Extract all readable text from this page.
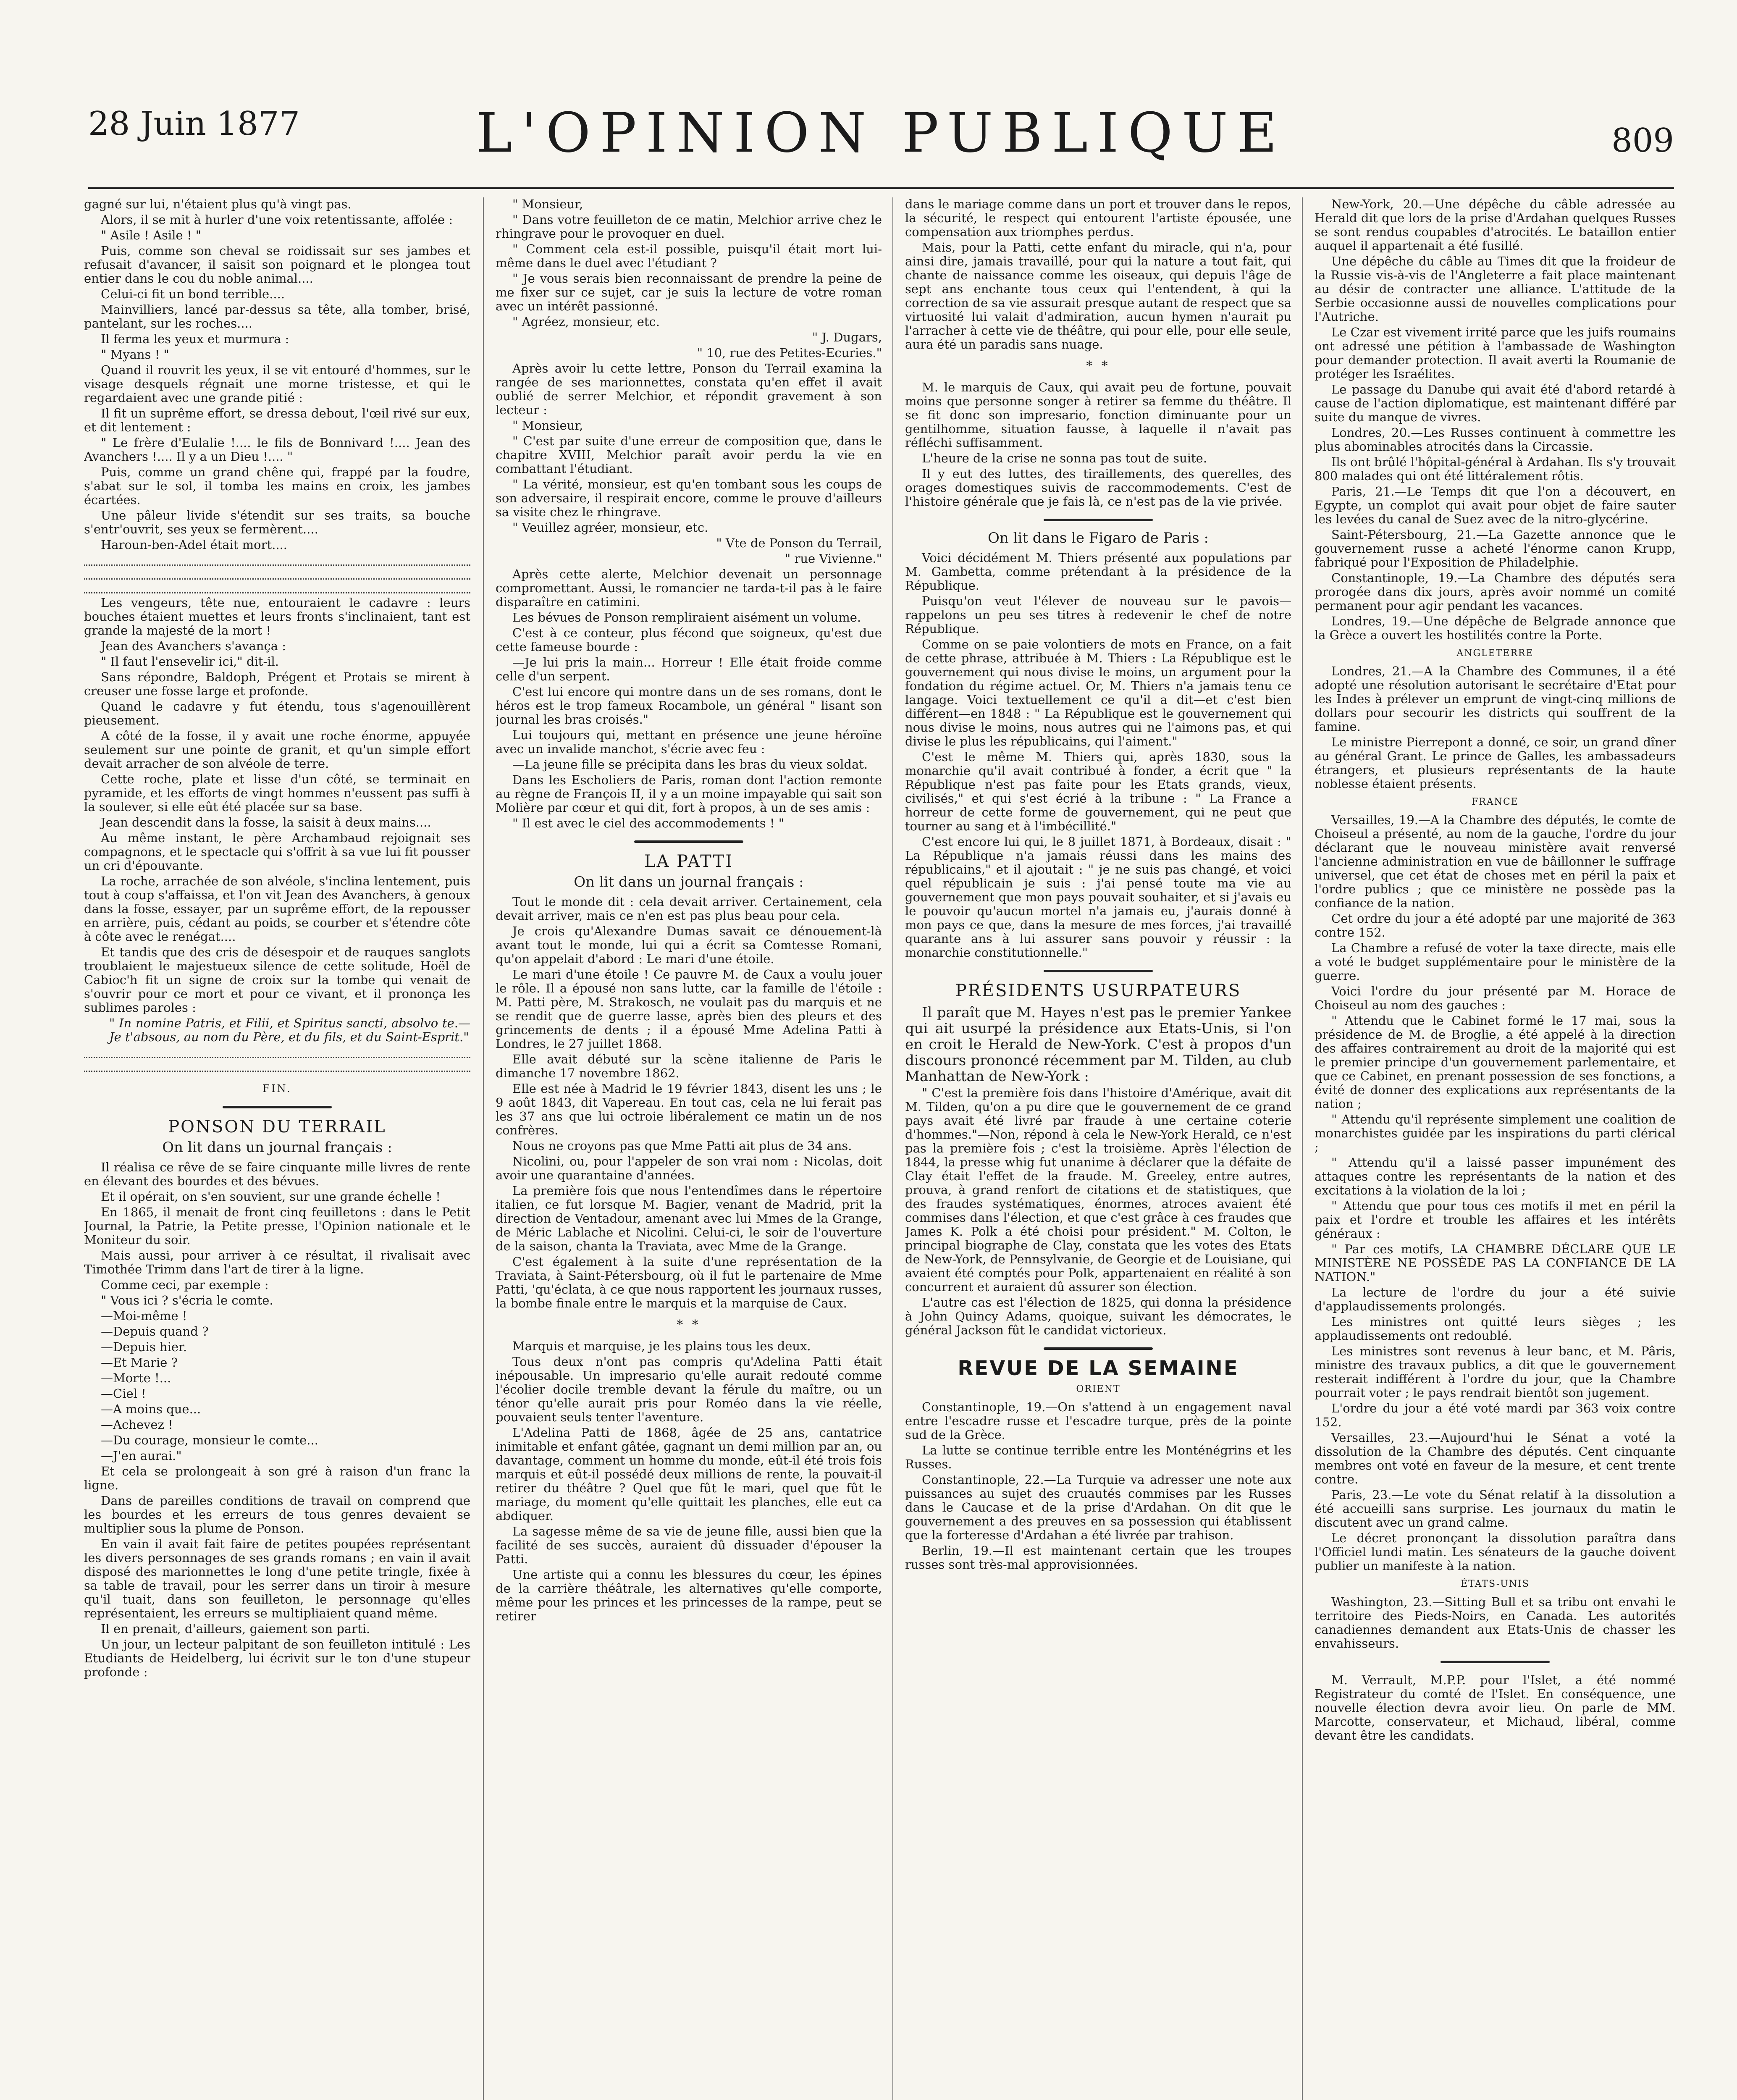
28 Juin 1877	L'OPINION PUBLIQUE	809

gagné sur lui, n'étaient plus qu'à vingt pas.

Alors, il se mit à hurler d'une voix retentissante, affolée :

" Asile ! Asile ! "

Puis, comme son cheval se roidissait sur ses jambes et refusait d'avancer, il saisit son poignard et le plongea tout entier dans le cou du noble animal....

Celui-ci fit un bond terrible....

Mainvilliers, lancé par-dessus sa tête, alla tomber, brisé, pantelant, sur les roches....

Il ferma les yeux et murmura :

" Myans ! "

Quand il rouvrit les yeux, il se vit entouré d'hommes, sur le visage desquels régnait une morne tristesse, et qui le regardaient avec une grande pitié :

Il fit un suprême effort, se dressa debout, l'œil rivé sur eux, et dit lentement :

" Le frère d'Eulalie !.... le fils de Bonnivard !.... Jean des Avanchers !.... Il y a un Dieu !.... "

Puis, comme un grand chêne qui, frappé par la foudre, s'abat sur le sol, il tomba les mains en croix, les jambes écartées.

Une pâleur livide s'étendit sur ses traits, sa bouche s'entr'ouvrit, ses yeux se fermèrent....

Haroun-ben-Adel était mort....

Les vengeurs, tête nue, entouraient le cadavre : leurs bouches étaient muettes et leurs fronts s'inclinaient, tant est grande la majesté de la mort !

Jean des Avanchers s'avança :

" Il faut l'ensevelir ici," dit-il.

Sans répondre, Baldoph, Prégent et Protais se mirent à creuser une fosse large et profonde.

Quand le cadavre y fut étendu, tous s'agenouillèrent pieusement.

A côté de la fosse, il y avait une roche énorme, appuyée seulement sur une pointe de granit, et qu'un simple effort devait arracher de son alvéole de terre.

Cette roche, plate et lisse d'un côté, se terminait en pyramide, et les efforts de vingt hommes n'eussent pas suffi à la soulever, si elle eût été placée sur sa base.

Jean descendit dans la fosse, la saisit à deux mains....

Au même instant, le père Archambaud rejoignait ses compagnons, et le spectacle qui s'offrit à sa vue lui fit pousser un cri d'épouvante.

La roche, arrachée de son alvéole, s'inclina lentement, puis tout à coup s'affaissa, et l'on vit Jean des Avanchers, à genoux dans la fosse, essayer, par un suprême effort, de la repousser en arrière, puis, cédant au poids, se courber et s'étendre côte à côte avec le renégat....

Et tandis que des cris de désespoir et de rauques sanglots troublaient le majestueux silence de cette solitude, Hoël de Cabioc'h fit un signe de croix sur la tombe qui venait de s'ouvrir pour ce mort et pour ce vivant, et il prononça les sublimes paroles :

" In nomine Patris, et Filii, et Spiritus sancti, absolvo te.—Je t'absous, au nom du Père, et du fils, et du Saint-Esprit."

FIN.
PONSON DU TERRAIL
On lit dans un journal français :

Il réalisa ce rêve de se faire cinquante mille livres de rente en élevant des bourdes et des bévues.

Et il opérait, on s'en souvient, sur une grande échelle !

En 1865, il menait de front cinq feuilletons : dans le Petit Journal, la Patrie, la Petite presse, l'Opinion nationale et le Moniteur du soir.

Mais aussi, pour arriver à ce résultat, il rivalisait avec Timothée Trimm dans l'art de tirer à la ligne.

Comme ceci, par exemple :

" Vous ici ? s'écria le comte.

—Moi-même !

—Depuis quand ?

—Depuis hier.

—Et Marie ?

—Morte !...

—Ciel !

—A moins que...

—Achevez !

—Du courage, monsieur le comte...

—J'en aurai."

Et cela se prolongeait à son gré à raison d'un franc la ligne.

Dans de pareilles conditions de travail on comprend que les bourdes et les erreurs de tous genres devaient se multiplier sous la plume de Ponson.

En vain il avait fait faire de petites poupées représentant les divers personnages de ses grands romans ; en vain il avait disposé des marionnettes le long d'une petite tringle, fixée à sa table de travail, pour les serrer dans un tiroir à mesure qu'il tuait, dans son feuilleton, le personnage qu'elles représentaient, les erreurs se multipliaient quand même.

Il en prenait, d'ailleurs, gaiement son parti.

Un jour, un lecteur palpitant de son feuilleton intitulé : Les Etudiants de Heidelberg, lui écrivit sur le ton d'une stupeur profonde :

" Monsieur,

" Dans votre feuilleton de ce matin, Melchior arrive chez le rhingrave pour le provoquer en duel.

" Comment cela est-il possible, puisqu'il était mort lui-même dans le duel avec l'étudiant ?

" Je vous serais bien reconnaissant de prendre la peine de me fixer sur ce sujet, car je suis la lecture de votre roman avec un intérêt passionné.

" Agréez, monsieur, etc.

" J. Dugars,

" 10, rue des Petites-Ecuries."

Après avoir lu cette lettre, Ponson du Terrail examina la rangée de ses marionnettes, constata qu'en effet il avait oublié de serrer Melchior, et répondit gravement à son lecteur :

" Monsieur,

" C'est par suite d'une erreur de composition que, dans le chapitre XVIII, Melchior paraît avoir perdu la vie en combattant l'étudiant.

" La vérité, monsieur, est qu'en tombant sous les coups de son adversaire, il respirait encore, comme le prouve d'ailleurs sa visite chez le rhingrave.

" Veuillez agréer, monsieur, etc.

" Vte de Ponson du Terrail,

" rue Vivienne."

Après cette alerte, Melchior devenait un personnage compromettant. Aussi, le romancier ne tarda-t-il pas à le faire disparaître en catimini.

Les bévues de Ponson rempliraient aisément un volume.

C'est à ce conteur, plus fécond que soigneux, qu'est due cette fameuse bourde :

—Je lui pris la main... Horreur ! Elle était froide comme celle d'un serpent.

C'est lui encore qui montre dans un de ses romans, dont le héros est le trop fameux Rocambole, un général " lisant son journal les bras croisés."

Lui toujours qui, mettant en présence une jeune héroïne avec un invalide manchot, s'écrie avec feu :

—La jeune fille se précipita dans les bras du vieux soldat.

Dans les Escholiers de Paris, roman dont l'action remonte au règne de François II, il y a un moine impayable qui sait son Molière par cœur et qui dit, fort à propos, à un de ses amis :

" Il est avec le ciel des accommodements ! "

LA PATTI
On lit dans un journal français :

Tout le monde dit : cela devait arriver. Certainement, cela devait arriver, mais ce n'en est pas plus beau pour cela.

Je crois qu'Alexandre Dumas savait ce dénouement-là avant tout le monde, lui qui a écrit sa Comtesse Romani, qu'on appelait d'abord : Le mari d'une étoile.

Le mari d'une étoile ! Ce pauvre M. de Caux a voulu jouer le rôle. Il a épousé non sans lutte, car la famille de l'étoile : M. Patti père, M. Strakosch, ne voulait pas du marquis et ne se rendit que de guerre lasse, après bien des pleurs et des grincements de dents ; il a épousé Mme Adelina Patti à Londres, le 27 juillet 1868.

Elle avait débuté sur la scène italienne de Paris le dimanche 17 novembre 1862.

Elle est née à Madrid le 19 février 1843, disent les uns ; le 9 août 1843, dit Vapereau. En tout cas, cela ne lui ferait pas les 37 ans que lui octroie libéralement ce matin un de nos confrères.

Nous ne croyons pas que Mme Patti ait plus de 34 ans.

Nicolini, ou, pour l'appeler de son vrai nom : Nicolas, doit avoir une quarantaine d'années.

La première fois que nous l'entendîmes dans le répertoire italien, ce fut lorsque M. Bagier, venant de Madrid, prit la direction de Ventadour, amenant avec lui Mmes de la Grange, de Méric Lablache et Nicolini. Celui-ci, le soir de l'ouverture de la saison, chanta la Traviata, avec Mme de la Grange.

C'est également à la suite d'une représentation de la Traviata, à Saint-Pétersbourg, où il fut le partenaire de Mme Patti, 'qu'éclata, à ce que nous rapportent les journaux russes, la bombe finale entre le marquis et la marquise de Caux.

* *

Marquis et marquise, je les plains tous les deux.

Tous deux n'ont pas compris qu'Adelina Patti était inépousable. Un impresario qu'elle aurait redouté comme l'écolier docile tremble devant la férule du maître, ou un ténor qu'elle aurait pris pour Roméo dans la vie réelle, pouvaient seuls tenter l'aventure.

L'Adelina Patti de 1868, âgée de 25 ans, cantatrice inimitable et enfant gâtée, gagnant un demi million par an, ou davantage, comment un homme du monde, eût-il été trois fois marquis et eût-il possédé deux millions de rente, la pouvait-il retirer du théâtre ? Quel que fût le mari, quel que fût le mariage, du moment qu'elle quittait les planches, elle eut ca abdiquer.

La sagesse même de sa vie de jeune fille, aussi bien que la facilité de ses succès, auraient dû dissuader d'épouser la Patti.

Une artiste qui a connu les blessures du cœur, les épines de la carrière théâtrale, les alternatives qu'elle comporte, même pour les princes et les princesses de la rampe, peut se retirer

dans le mariage comme dans un port et trouver dans le repos, la sécurité, le respect qui entourent l'artiste épousée, une compensation aux triomphes perdus.

Mais, pour la Patti, cette enfant du miracle, qui n'a, pour ainsi dire, jamais travaillé, pour qui la nature a tout fait, qui chante de naissance comme les oiseaux, qui depuis l'âge de sept ans enchante tous ceux qui l'entendent, à qui la correction de sa vie assurait presque autant de respect que sa virtuosité lui valait d'admiration, aucun hymen n'aurait pu l'arracher à cette vie de théâtre, qui pour elle, pour elle seule, aura été un paradis sans nuage.

* *

M. le marquis de Caux, qui avait peu de fortune, pouvait moins que personne songer à retirer sa femme du théâtre. Il se fit donc son impresario, fonction diminuante pour un gentilhomme, situation fausse, à laquelle il n'avait pas réfléchi suffisamment.

L'heure de la crise ne sonna pas tout de suite.

Il y eut des luttes, des tiraillements, des querelles, des orages domestiques suivis de raccommodements. C'est de l'histoire générale que je fais là, ce n'est pas de la vie privée.

On lit dans le Figaro de Paris :

Voici décidément M. Thiers présenté aux populations par M. Gambetta, comme prétendant à la présidence de la République.

Puisqu'on veut l'élever de nouveau sur le pavois—rappelons un peu ses titres à redevenir le chef de notre République.

Comme on se paie volontiers de mots en France, on a fait de cette phrase, attribuée à M. Thiers : La République est le gouvernement qui nous divise le moins, un argument pour la fondation du régime actuel. Or, M. Thiers n'a jamais tenu ce langage. Voici textuellement ce qu'il a dit—et c'est bien différent—en 1848 : " La République est le gouvernement qui nous divise le moins, nous autres qui ne l'aimons pas, et qui divise le plus les républicains, qui l'aiment."

C'est le même M. Thiers qui, après 1830, sous la monarchie qu'il avait contribué à fonder, a écrit que " la République n'est pas faite pour les Etats grands, vieux, civilisés," et qui s'est écrié à la tribune : " La France a horreur de cette forme de gouvernement, qui ne peut que tourner au sang et à l'imbécillité."

C'est encore lui qui, le 8 juillet 1871, à Bordeaux, disait : " La République n'a jamais réussi dans les mains des républicains," et il ajoutait : " je ne suis pas changé, et voici quel républicain je suis : j'ai pensé toute ma vie au gouvernement que mon pays pouvait souhaiter, et si j'avais eu le pouvoir qu'aucun mortel n'a jamais eu, j'aurais donné à mon pays ce que, dans la mesure de mes forces, j'ai travaillé quarante ans à lui assurer sans pouvoir y réussir : la monarchie constitutionnelle."

PRÉSIDENTS USURPATEURS

Il paraît que M. Hayes n'est pas le premier Yankee qui ait usurpé la présidence aux Etats-Unis, si l'on en croit le Herald de New-York. C'est à propos d'un discours prononcé récemment par M. Tilden, au club Manhattan de New-York :

" C'est la première fois dans l'histoire d'Amérique, avait dit M. Tilden, qu'on a pu dire que le gouvernement de ce grand pays avait été livré par fraude à une certaine coterie d'hommes."—Non, répond à cela le New-York Herald, ce n'est pas la première fois ; c'est la troisième. Après l'élection de 1844, la presse whig fut unanime à déclarer que la défaite de Clay était l'effet de la fraude. M. Greeley, entre autres, prouva, à grand renfort de citations et de statistiques, que des fraudes systématiques, énormes, atroces avaient été commises dans l'élection, et que c'est grâce à ces fraudes que James K. Polk a été choisi pour président." M. Colton, le principal biographe de Clay, constata que les votes des Etats de New-York, de Pennsylvanie, de Georgie et de Louisiane, qui avaient été comptés pour Polk, appartenaient en réalité à son concurrent et auraient dû assurer son élection.

L'autre cas est l'élection de 1825, qui donna la présidence à John Quincy Adams, quoique, suivant les démocrates, le général Jackson fût le candidat victorieux.

REVUE DE LA SEMAINE
ORIENT

Constantinople, 19.—On s'attend à un engagement naval entre l'escadre russe et l'escadre turque, près de la pointe sud de la Grèce.

La lutte se continue terrible entre les Monténégrins et les Russes.

Constantinople, 22.—La Turquie va adresser une note aux puissances au sujet des cruautés commises par les Russes dans le Caucase et de la prise d'Ardahan. On dit que le gouvernement a des preuves en sa possession qui établissent que la forteresse d'Ardahan a été livrée par trahison.

Berlin, 19.—Il est maintenant certain que les troupes russes sont très-mal approvisionnées.

New-York, 20.—Une dépêche du câble adressée au Herald dit que lors de la prise d'Ardahan quelques Russes se sont rendus coupables d'atrocités. Le bataillon entier auquel il appartenait a été fusillé.

Une dépêche du câble au Times dit que la froideur de la Russie vis-à-vis de l'Angleterre a fait place maintenant au désir de contracter une alliance. L'attitude de la Serbie occasionne aussi de nouvelles complications pour l'Autriche.

Le Czar est vivement irrité parce que les juifs roumains ont adressé une pétition à l'ambassade de Washington pour demander protection. Il avait averti la Roumanie de protéger les Israélites.

Le passage du Danube qui avait été d'abord retardé à cause de l'action diplomatique, est maintenant différé par suite du manque de vivres.

Londres, 20.—Les Russes continuent à commettre les plus abominables atrocités dans la Circassie.

Ils ont brûlé l'hôpital-général à Ardahan. Ils s'y trouvait 800 malades qui ont été littéralement rôtis.

Paris, 21.—Le Temps dit que l'on a découvert, en Egypte, un complot qui avait pour objet de faire sauter les levées du canal de Suez avec de la nitro-glycérine.

Saint-Pétersbourg, 21.—La Gazette annonce que le gouvernement russe a acheté l'énorme canon Krupp, fabriqué pour l'Exposition de Philadelphie.

Constantinople, 19.—La Chambre des députés sera prorogée dans dix jours, après avoir nommé un comité permanent pour agir pendant les vacances.

Londres, 19.—Une dépêche de Belgrade annonce que la Grèce a ouvert les hostilités contre la Porte.

ANGLETERRE

Londres, 21.—A la Chambre des Communes, il a été adopté une résolution autorisant le secrétaire d'Etat pour les Indes à prélever un emprunt de vingt-cinq millions de dollars pour secourir les districts qui souffrent de la famine.

Le ministre Pierrepont a donné, ce soir, un grand dîner au général Grant. Le prince de Galles, les ambassadeurs étrangers, et plusieurs représentants de la haute noblesse étaient présents.

FRANCE

Versailles, 19.—A la Chambre des députés, le comte de Choiseul a présenté, au nom de la gauche, l'ordre du jour déclarant que le nouveau ministère avait renversé l'ancienne administration en vue de bâillonner le suffrage universel, que cet état de choses met en péril la paix et l'ordre publics ; que ce ministère ne possède pas la confiance de la nation.

Cet ordre du jour a été adopté par une majorité de 363 contre 152.

La Chambre a refusé de voter la taxe directe, mais elle a voté le budget supplémentaire pour le ministère de la guerre.

Voici l'ordre du jour présenté par M. Horace de Choiseul au nom des gauches :

" Attendu que le Cabinet formé le 17 mai, sous la présidence de M. de Broglie, a été appelé à la direction des affaires contrairement au droit de la majorité qui est le premier principe d'un gouvernement parlementaire, et que ce Cabinet, en prenant possession de ses fonctions, a évité de donner des explications aux représentants de la nation ;

" Attendu qu'il représente simplement une coalition de monarchistes guidée par les inspirations du parti clérical ;

" Attendu qu'il a laissé passer impunément des attaques contre les représentants de la nation et des excitations à la violation de la loi ;

" Attendu que pour tous ces motifs il met en péril la paix et l'ordre et trouble les affaires et les intérêts généraux :

" Par ces motifs, LA CHAMBRE DÉCLARE QUE LE MINISTÈRE NE POSSÈDE PAS LA CONFIANCE DE LA NATION."

La lecture de l'ordre du jour a été suivie d'applaudissements prolongés.

Les ministres ont quitté leurs sièges ; les applaudissements ont redoublé.

Les ministres sont revenus à leur banc, et M. Pâris, ministre des travaux publics, a dit que le gouvernement resterait indifférent à l'ordre du jour, que la Chambre pourrait voter ; le pays rendrait bientôt son jugement.

L'ordre du jour a été voté mardi par 363 voix contre 152.

Versailles, 23.—Aujourd'hui le Sénat a voté la dissolution de la Chambre des députés. Cent cinquante membres ont voté en faveur de la mesure, et cent trente contre.

Paris, 23.—Le vote du Sénat relatif à la dissolution a été accueilli sans surprise. Les journaux du matin le discutent avec un grand calme.

Le décret prononçant la dissolution paraîtra dans l'Officiel lundi matin. Les sénateurs de la gauche doivent publier un manifeste à la nation.

ÉTATS-UNIS

Washington, 23.—Sitting Bull et sa tribu ont envahi le territoire des Pieds-Noirs, en Canada. Les autorités canadiennes demandent aux Etats-Unis de chasser les envahisseurs.

M. Verrault, M.P.P. pour l'Islet, a été nommé Registrateur du comté de l'Islet. En conséquence, une nouvelle élection devra avoir lieu. On parle de MM. Marcotte, conservateur, et Michaud, libéral, comme devant être les candidats.
